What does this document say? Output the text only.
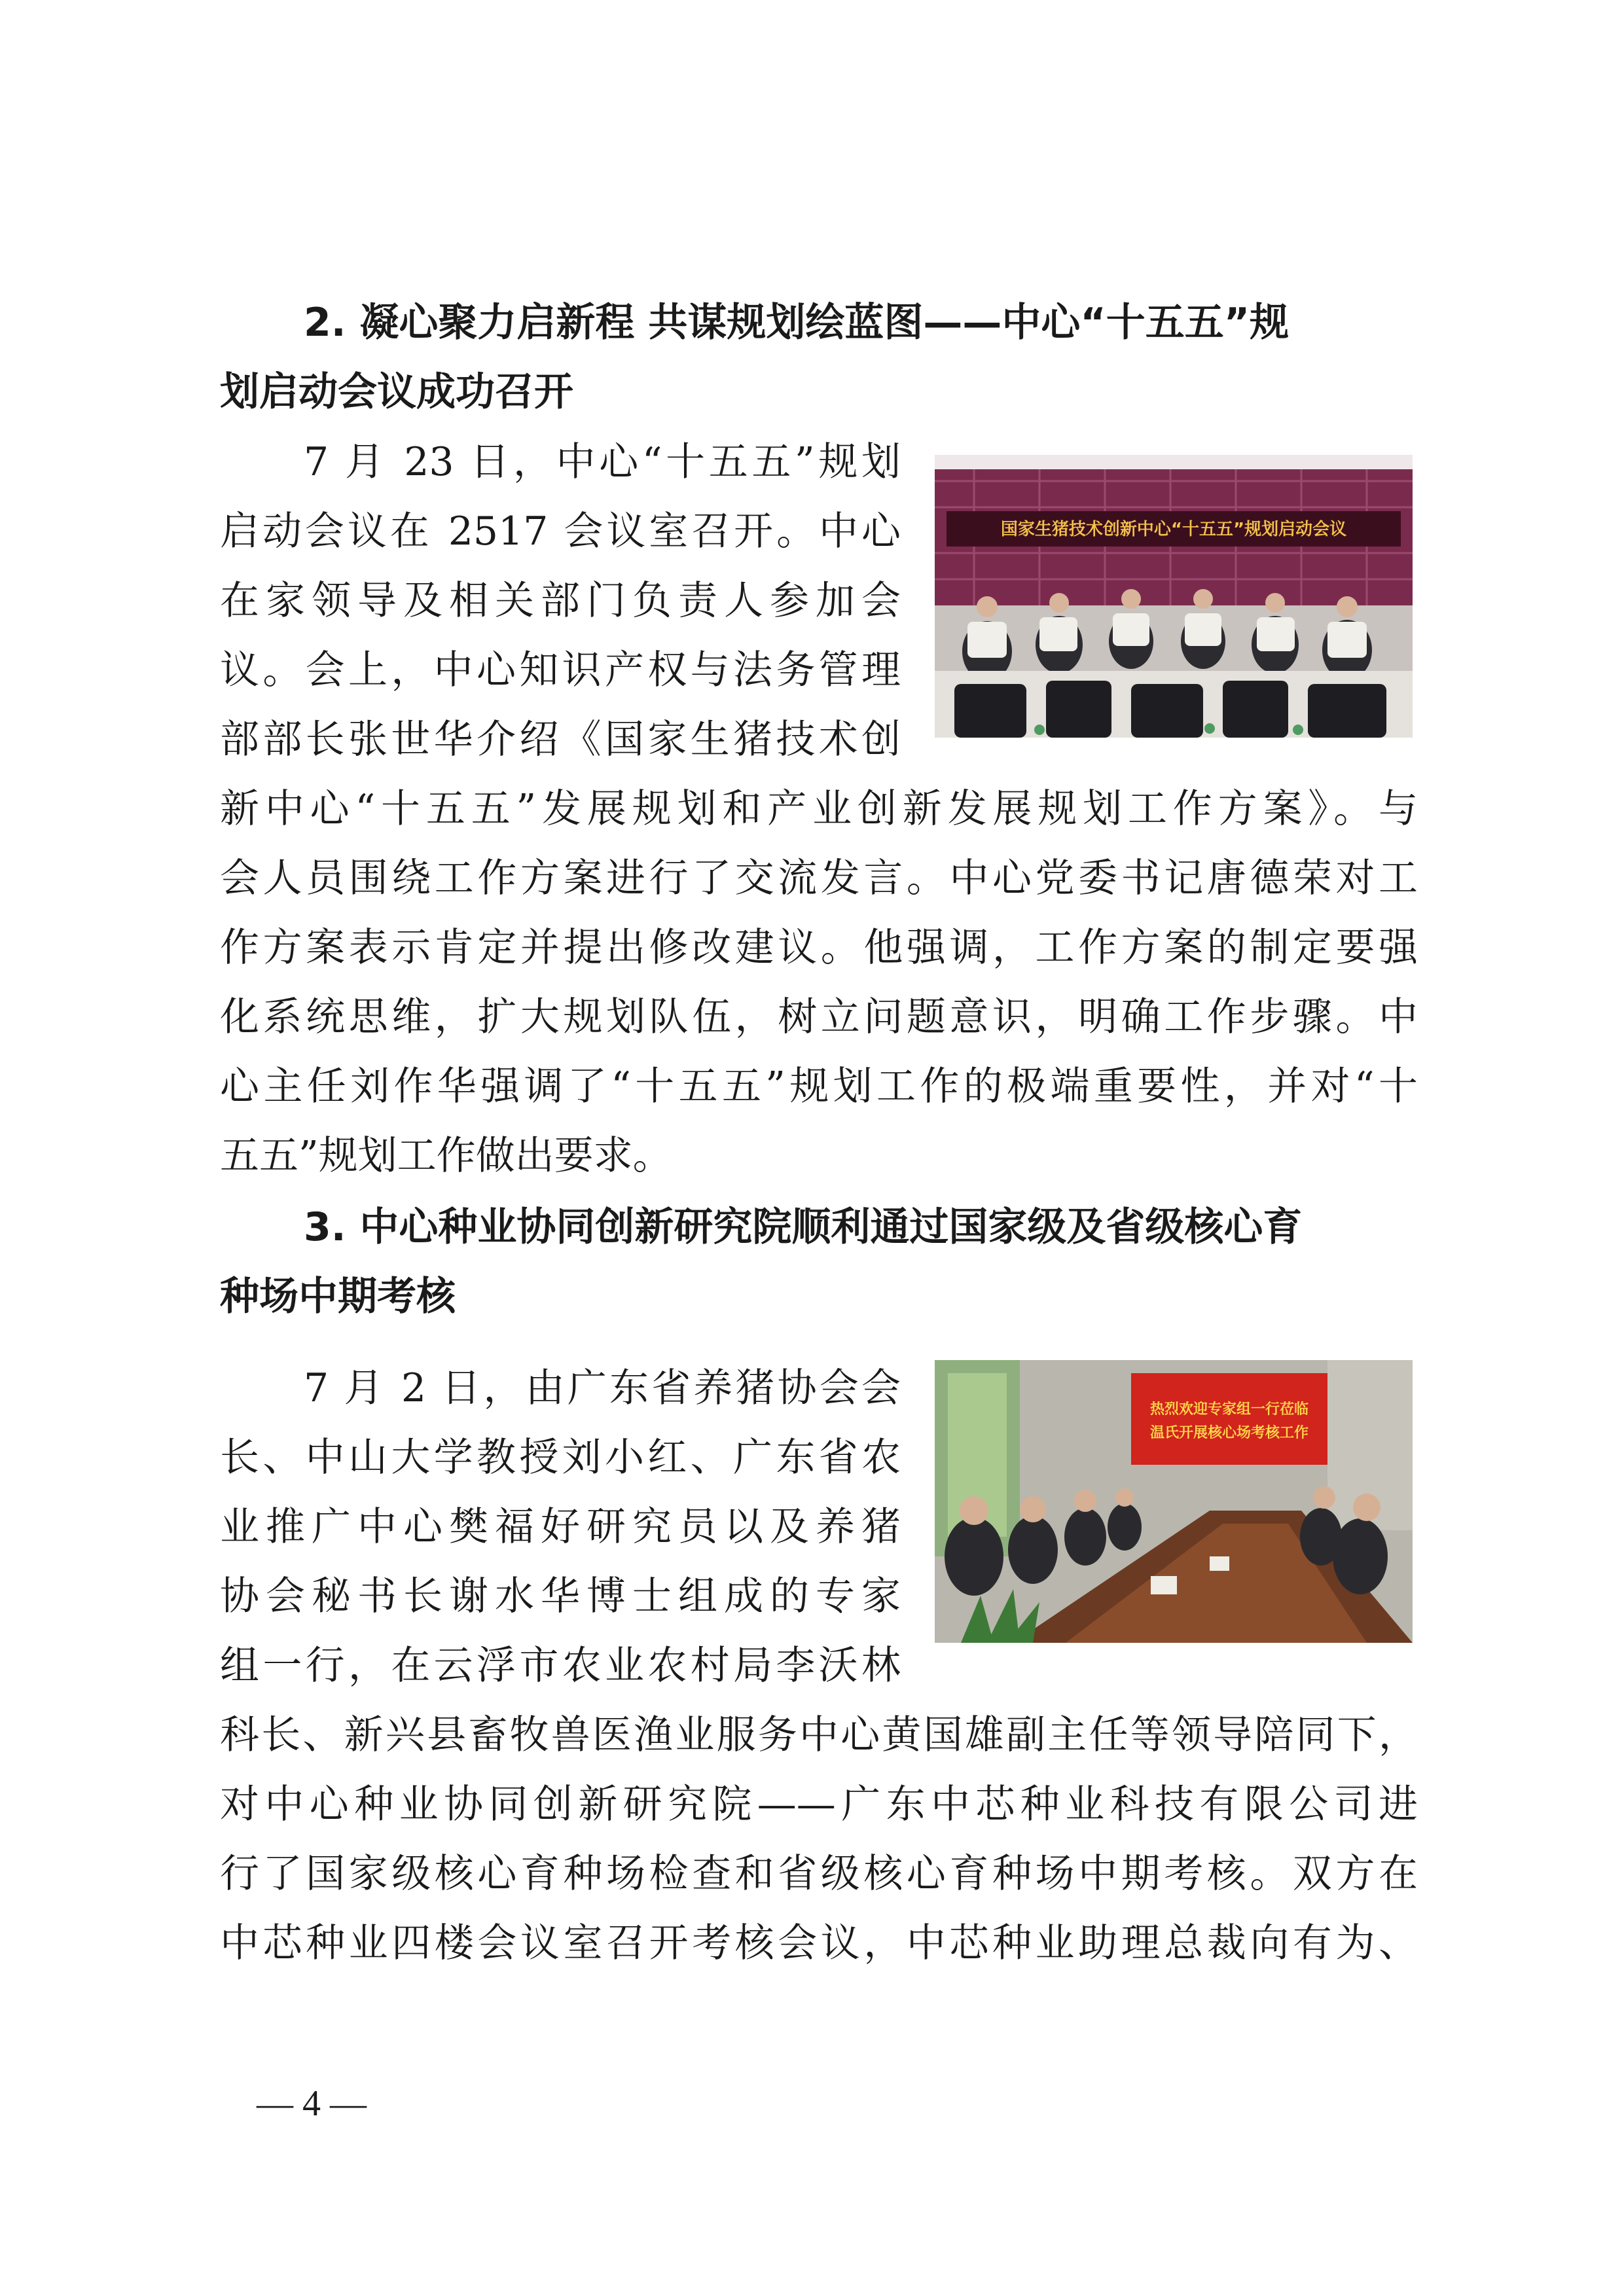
2. 凝心聚力启新程 共谋规划绘蓝图——中心“十五五”规

划启动会议成功召开

7 月 23 日，中心“十五五”规划

启动会议在 2517 会议室召开。中心

在家领导及相关部门负责人参加会

议。会上，中心知识产权与法务管理

部部长张世华介绍《国家生猪技术创

新中心“十五五”发展规划和产业创新发展规划工作方案》。与

会人员围绕工作方案进行了交流发言。中心党委书记唐德荣对工

作方案表示肯定并提出修改建议。他强调，工作方案的制定要强

化系统思维，扩大规划队伍，树立问题意识，明确工作步骤。中

心主任刘作华强调了“十五五”规划工作的极端重要性，并对“十

五五”规划工作做出要求。

国家生猪技术创新中心“十五五”规划启动会议

3. 中心种业协同创新研究院顺利通过国家级及省级核心育

种场中期考核

7 月 2 日，由广东省养猪协会会

长、中山大学教授刘小红、广东省农

业推广中心樊福好研究员以及养猪

协会秘书长谢水华博士组成的专家

组一行，在云浮市农业农村局李沃林

科长、新兴县畜牧兽医渔业服务中心黄国雄副主任等领导陪同下，

对中心种业协同创新研究院——广东中芯种业科技有限公司进

行了国家级核心育种场检查和省级核心育种场中期考核。双方在

中芯种业四楼会议室召开考核会议，中芯种业助理总裁向有为、

热烈欢迎专家组一行莅临
温氏开展核心场考核工作
— 4 —
